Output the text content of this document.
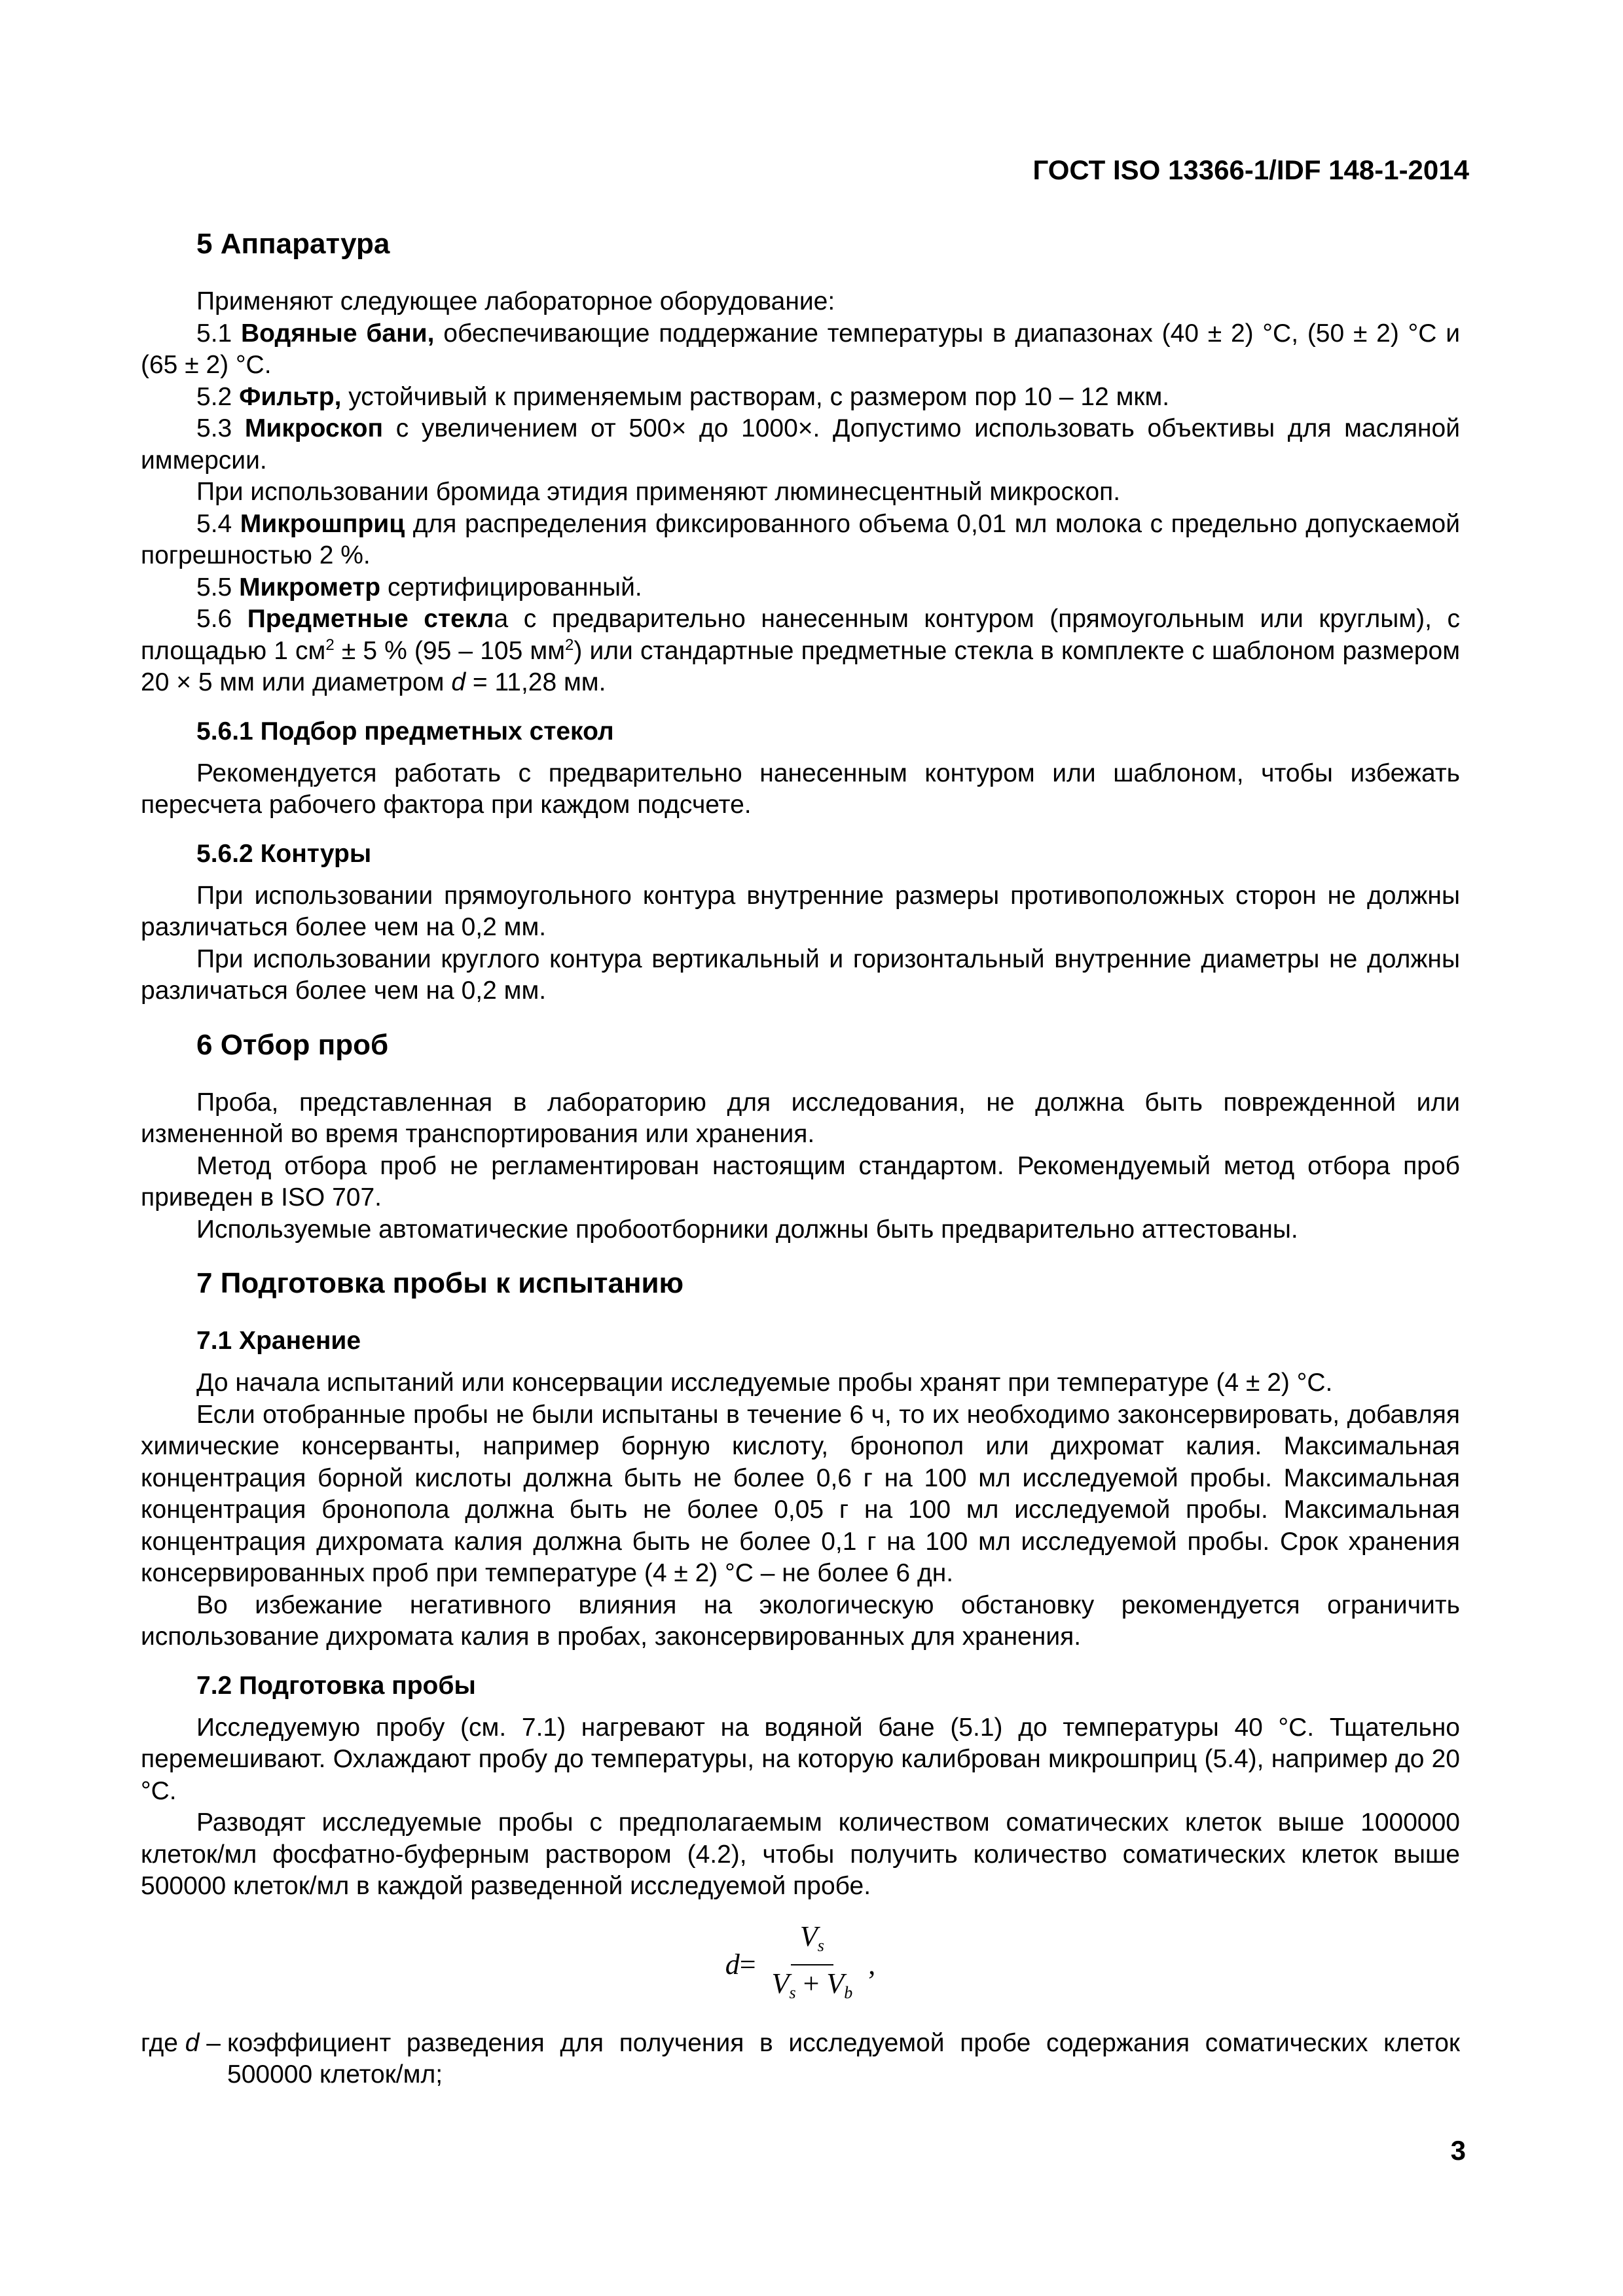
ГОСТ ISO 13366-1/IDF 148-1-2014
5 Аппаратура

Применяют следующее лабораторное оборудование:

5.1 Водяные бани, обеспечивающие поддержание температуры в диапазонах (40 ± 2) °С, (50 ± 2) °С и (65 ± 2) °С.

5.2 Фильтр, устойчивый к применяемым растворам, с размером пор 10 – 12 мкм.

5.3 Микроскоп с увеличением от 500× до 1000×. Допустимо использовать объективы для масляной иммерсии.

При использовании бромида этидия применяют люминесцентный микроскоп.

5.4 Микрошприц для распределения фиксированного объема 0,01 мл молока с предельно допускаемой погрешностью 2 %.

5.5 Микрометр сертифицированный.

5.6 Предметные стекла с предварительно нанесенным контуром (прямоугольным или круглым), с площадью 1 $см^2 \pm 5$ % (95 – 105 $мм^2$) или стандартные предметные стекла в комплекте с шаблоном размером 20 × 5 мм или диаметром d = 11,28 мм.

5.6.1 Подбор предметных стекол

Рекомендуется работать с предварительно нанесенным контуром или шаблоном, чтобы избежать пересчета рабочего фактора при каждом подсчете.

5.6.2 Контуры

При использовании прямоугольного контура внутренние размеры противоположных сторон не должны различаться более чем на 0,2 мм.

При использовании круглого контура вертикальный и горизонтальный внутренние диаметры не должны различаться более чем на 0,2 мм.

6 Отбор проб

Проба, представленная в лабораторию для исследования, не должна быть поврежденной или измененной во время транспортирования или хранения.

Метод отбора проб не регламентирован настоящим стандартом. Рекомендуемый метод отбора проб приведен в ISO 707.

Используемые автоматические пробоотборники должны быть предварительно аттестованы.

7 Подготовка пробы к испытанию
7.1 Хранение

До начала испытаний или консервации исследуемые пробы хранят при температуре (4 ± 2) °С.

Если отобранные пробы не были испытаны в течение 6 ч, то их необходимо законсервировать, добавляя химические консерванты, например борную кислоту, бронопол или дихромат калия. Максимальная концентрация борной кислоты должна быть не более 0,6 г на 100 мл исследуемой пробы. Максимальная концентрация бронопола должна быть не более 0,05 г на 100 мл исследуемой пробы. Максимальная концентрация дихромата калия должна быть не более 0,1 г на 100 мл исследуемой пробы. Срок хранения консервированных проб при температуре (4 ± 2) °С – не более 6 дн.

Во избежание негативного влияния на экологическую обстановку рекомендуется ограничить использование дихромата калия в пробах, законсервированных для хранения.

7.2 Подготовка пробы

Исследуемую пробу (см. 7.1) нагревают на водяной бане (5.1) до температуры 40 °С. Тщательно перемешивают. Охлаждают пробу до температуры, на которую калиброван микрошприц (5.4), например до 20 °С.

Разводят исследуемые пробы с предполагаемым количеством соматических клеток выше 1000000 клеток/мл фосфатно-буферным раствором (4.2), чтобы получить количество соматических клеток выше 500000 клеток/мл в каждой разведенной исследуемой пробе.

$d = \frac{V_s}{V_s + V_b}$ ,
где d – коэффициент разведения для получения в исследуемой пробе содержания соматических клеток 500000 клеток/мл;
3
